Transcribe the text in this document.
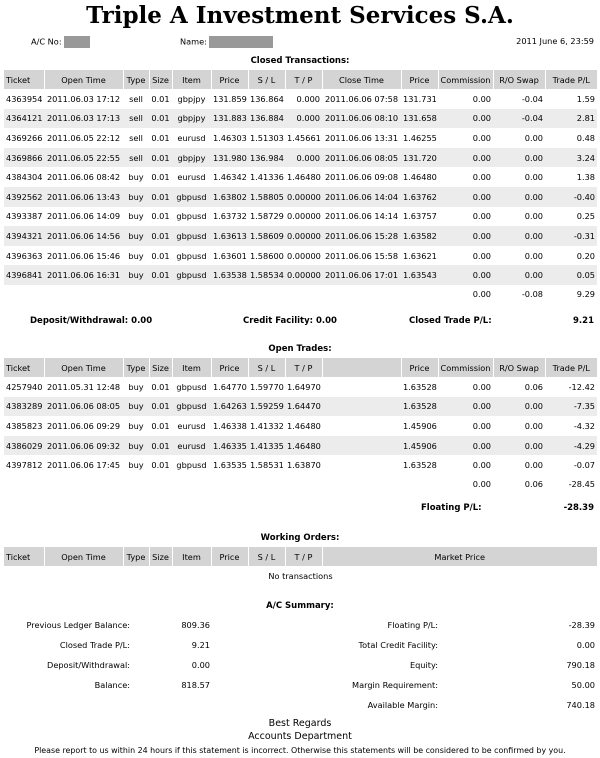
Triple A Investment Services S.A.
A/C No:	Name:	2011 June 6, 23:59
Closed Transactions:
Ticket	Open Time	Type	Size	Item	Price	S / L	T / P	Close Time	Price	Commission	R/O Swap	Trade P/L
4363954	2011.06.03 17:12	sell	0.01	gbpjpy	131.859	136.864	0.000	2011.06.06 07:58	131.731	0.00	-0.04	1.59
4364121	2011.06.03 17:13	sell	0.01	gbpjpy	131.883	136.884	0.000	2011.06.06 08:10	131.658	0.00	-0.04	2.81
4369266	2011.06.05 22:12	sell	0.01	eurusd	1.46303	1.51303	1.45661	2011.06.06 13:31	1.46255	0.00	0.00	0.48
4369866	2011.06.05 22:55	sell	0.01	gbpjpy	131.980	136.984	0.000	2011.06.06 08:05	131.720	0.00	0.00	3.24
4384304	2011.06.06 08:42	buy	0.01	eurusd	1.46342	1.41336	1.46480	2011.06.06 09:08	1.46480	0.00	0.00	1.38
4392562	2011.06.06 13:43	buy	0.01	gbpusd	1.63802	1.58805	0.00000	2011.06.06 14:04	1.63762	0.00	0.00	-0.40
4393387	2011.06.06 14:09	buy	0.01	gbpusd	1.63732	1.58729	0.00000	2011.06.06 14:14	1.63757	0.00	0.00	0.25
4394321	2011.06.06 14:56	buy	0.01	gbpusd	1.63613	1.58609	0.00000	2011.06.06 15:28	1.63582	0.00	0.00	-0.31
4396363	2011.06.06 15:46	buy	0.01	gbpusd	1.63601	1.58600	0.00000	2011.06.06 15:58	1.63621	0.00	0.00	0.20
4396841	2011.06.06 16:31	buy	0.01	gbpusd	1.63538	1.58534	0.00000	2011.06.06 17:01	1.63543	0.00	0.00	0.05
										0.00	-0.08	9.29
Deposit/Withdrawal: 0.00	Credit Facility: 0.00	Closed Trade P/L:	9.21
Open Trades:
Ticket	Open Time	Type	Size	Item	Price	S / L	T / P		Price	Commission	R/O Swap	Trade P/L
4257940	2011.05.31 12:48	buy	0.01	gbpusd	1.64770	1.59770	1.64970		1.63528	0.00	0.06	-12.42
4383289	2011.06.06 08:05	buy	0.01	gbpusd	1.64263	1.59259	1.64470		1.63528	0.00	0.00	-7.35
4385823	2011.06.06 09:29	buy	0.01	eurusd	1.46338	1.41332	1.46480		1.45906	0.00	0.00	-4.32
4386029	2011.06.06 09:32	buy	0.01	eurusd	1.46335	1.41335	1.46480		1.45906	0.00	0.00	-4.29
4397812	2011.06.06 17:45	buy	0.01	gbpusd	1.63535	1.58531	1.63870		1.63528	0.00	0.00	-0.07
										0.00	0.06	-28.45
Floating P/L:	-28.39
Working Orders:
Ticket	Open Time	Type	Size	Item	Price	S / L	T / P	Market Price
No transactions
A/C Summary:
Previous Ledger Balance:	809.36
Closed Trade P/L:	9.21
Deposit/Withdrawal:	0.00
Balance:	818.57
Floating P/L:	-28.39
Total Credit Facility:	0.00
Equity:	790.18
Margin Requirement:	50.00
Available Margin:	740.18
Best Regards
Accounts Department
Please report to us within 24 hours if this statement is incorrect. Otherwise this statements will be considered to be confirmed by you.
